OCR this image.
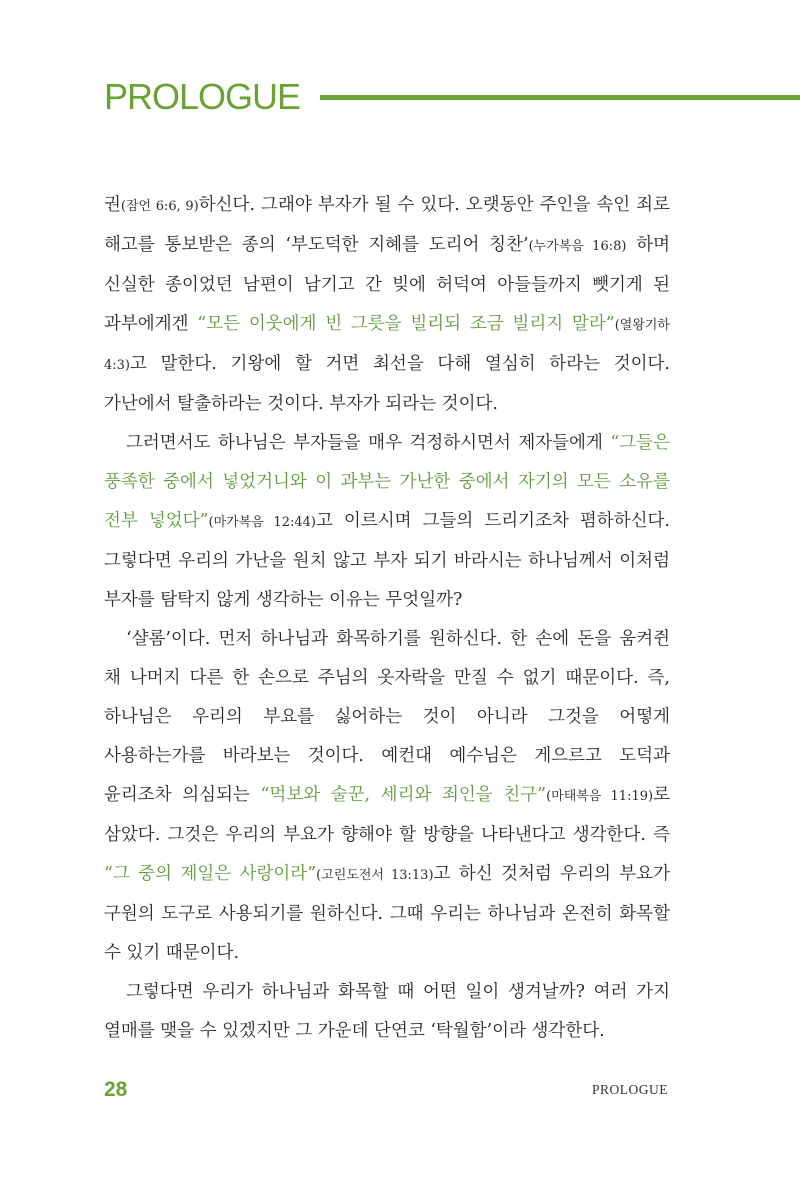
PROLOGUE

권(잠언 6:6, 9)하신다. 그래야 부자가 될 수 있다. 오랫동안 주인을 속인 죄로 해고를 통보받은 종의 ‘부도덕한 지혜를 도리어 칭찬’(누가복음 16:8) 하며 신실한 종이었던 남편이 남기고 간 빚에 허덕여 아들들까지 뺏기게 된 과부에게겐 “모든 이웃에게 빈 그릇을 빌리되 조금 빌리지 말라”(열왕기하 4:3)고 말한다. 기왕에 할 거면 최선을 다해 열심히 하라는 것이다. 가난에서 탈출하라는 것이다. 부자가 되라는 것이다.

그러면서도 하나님은 부자들을 매우 걱정하시면서 제자들에게 “그들은 풍족한 중에서 넣었거니와 이 과부는 가난한 중에서 자기의 모든 소유를 전부 넣었다”(마가복음 12:44)고 이르시며 그들의 드리기조차 폄하하신다. 그렇다면 우리의 가난을 원치 않고 부자 되기 바라시는 하나님께서 이처럼 부자를 탐탁지 않게 생각하는 이유는 무엇일까?

‘샬롬’이다. 먼저 하나님과 화목하기를 원하신다. 한 손에 돈을 움켜쥔 채 나머지 다른 한 손으로 주님의 옷자락을 만질 수 없기 때문이다. 즉, 하나님은 우리의 부요를 싫어하는 것이 아니라 그것을 어떻게 사용하는가를 바라보는 것이다. 예컨대 예수님은 게으르고 도덕과 윤리조차 의심되는 “먹보와 술꾼, 세리와 죄인을 친구”(마태복음 11:19)로 삼았다. 그것은 우리의 부요가 향해야 할 방향을 나타낸다고 생각한다. 즉 “그 중의 제일은 사랑이라”(고린도전서 13:13)고 하신 것처럼 우리의 부요가 구원의 도구로 사용되기를 원하신다. 그때 우리는 하나님과 온전히 화목할 수 있기 때문이다.

그렇다면 우리가 하나님과 화목할 때 어떤 일이 생겨날까? 여러 가지 열매를 맺을 수 있겠지만 그 가운데 단연코 ‘탁월함’이라 생각한다.

28	PROLOGUE
